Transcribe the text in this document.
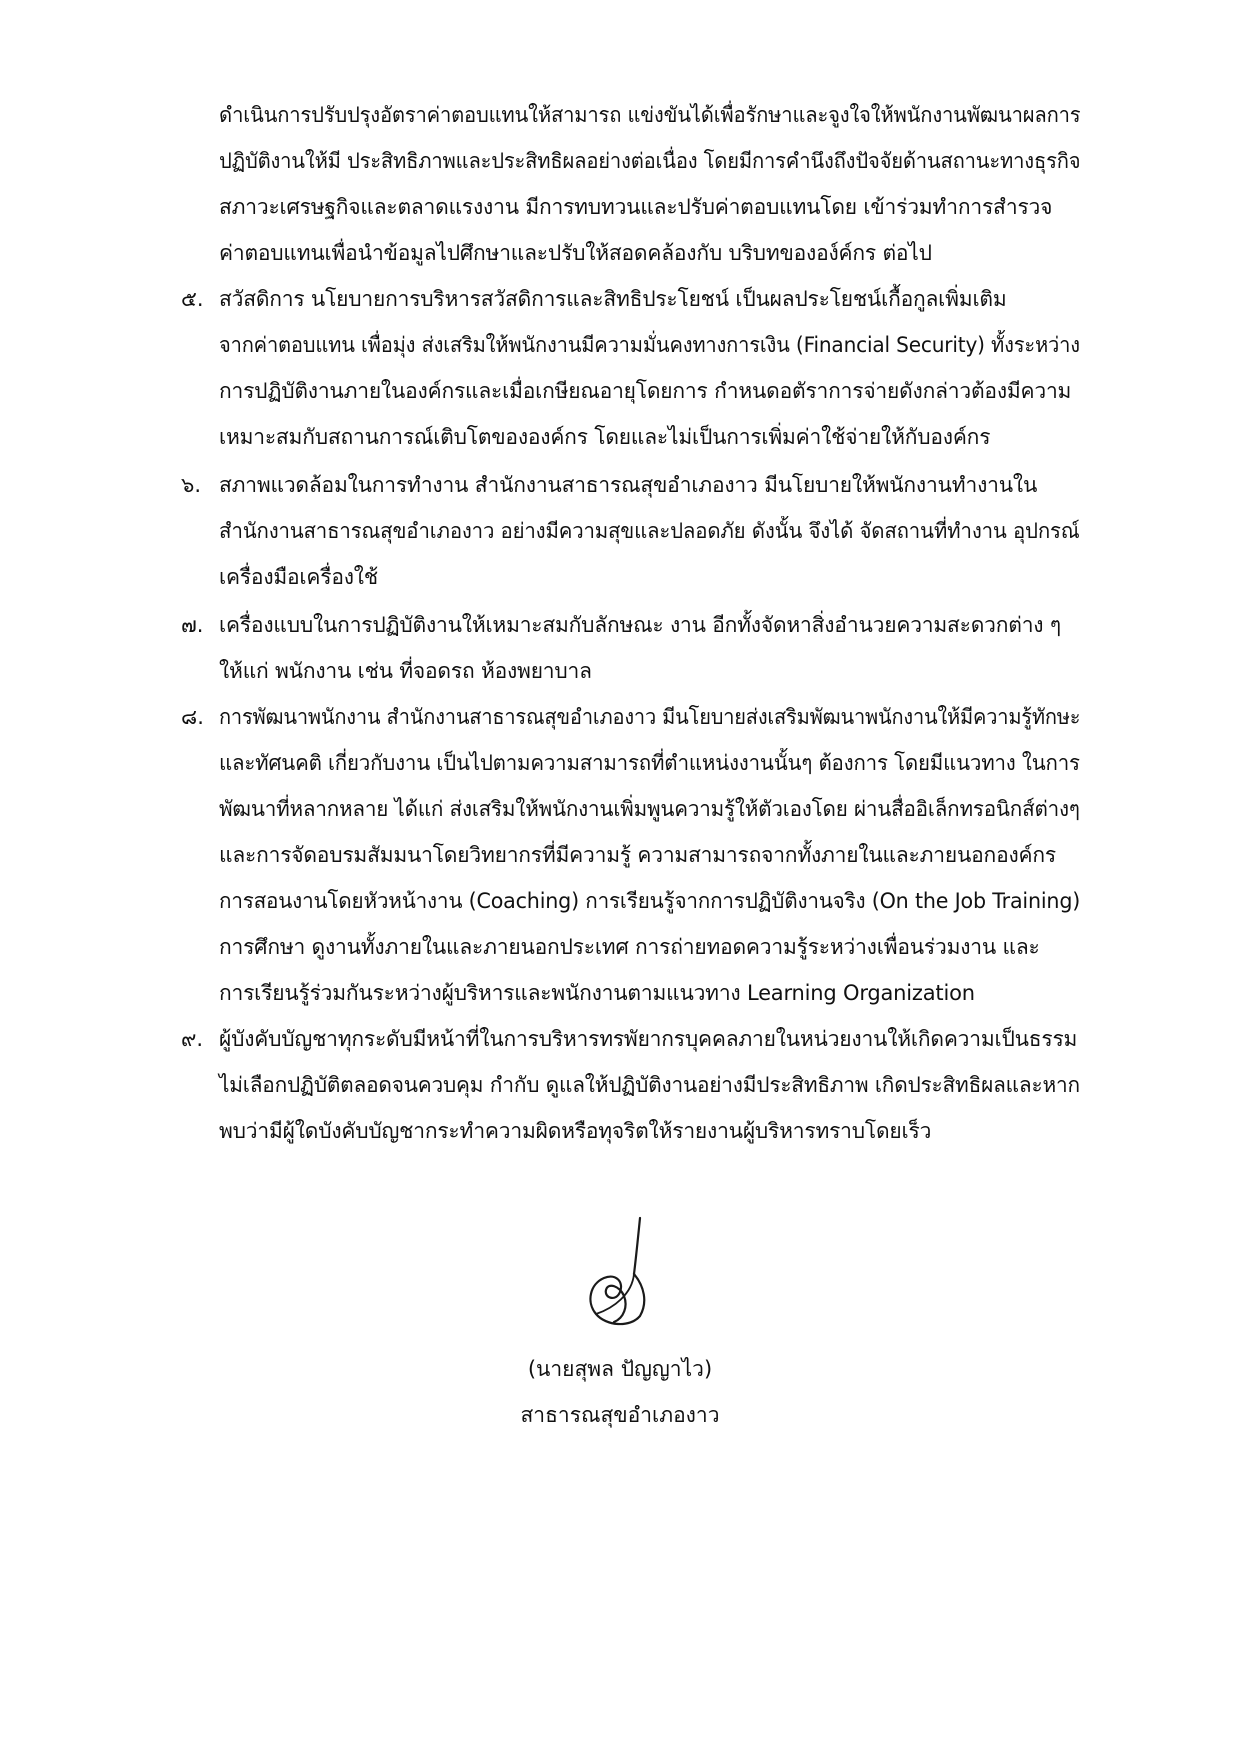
ดำเนินการปรับปรุงอัตราค่าตอบแทนให้สามารถ แข่งขันได้เพื่อรักษาและจูงใจให้พนักงานพัฒนาผลการ
ปฏิบัติงานให้มี ประสิทธิภาพและประสิทธิผลอย่างต่อเนื่อง โดยมีการคำนึงถึงปัจจัยด้านสถานะทางธุรกิจ
สภาวะเศรษฐกิจและตลาดแรงงาน มีการทบทวนและปรับค่าตอบแทนโดย เข้าร่วมทำการสำรวจ
ค่าตอบแทนเพื่อนำข้อมูลไปศึกษาและปรับให้สอดคล้องกับ บริบทขององ์ค์กร ต่อไป
๕. สวัสดิการ นโยบายการบริหารสวัสดิการและสิทธิประโยชน์ เป็นผลประโยชน์เกื้อกูลเพิ่มเติม
จากค่าตอบแทน เพื่อมุ่ง ส่งเสริมให้พนักงานมีความมั่นคงทางการเงิน (Financial Security) ทั้งระหว่าง
การปฏิบัติงานภายในองค์กรและเมื่อเกษียณอายุโดยการ กำหนดอตัราการจ่ายดังกล่าวต้องมีความ
เหมาะสมกับสถานการณ์เติบโตขององค์กร โดยและไม่เป็นการเพิ่มค่าใช้จ่ายให้กับองค์กร
๖. สภาพแวดล้อมในการทำงาน สำนักงานสาธารณสุขอำเภองาว มีนโยบายให้พนักงานทำงานใน
สำนักงานสาธารณสุขอำเภองาว อย่างมีความสุขและปลอดภัย ดังนั้น จึงได้ จัดสถานที่ทำงาน อุปกรณ์
เครื่องมือเครื่องใช้
๗. เครื่องแบบในการปฏิบัติงานให้เหมาะสมกับลักษณะ งาน อีกทั้งจัดหาสิ่งอำนวยความสะดวกต่าง ๆ
ให้แก่ พนักงาน เช่น ที่จอดรถ ห้องพยาบาล
๘. การพัฒนาพนักงาน สำนักงานสาธารณสุขอำเภองาว มีนโยบายส่งเสริมพัฒนาพนักงานให้มีความรู้ทักษะ
และทัศนคติ เกี่ยวกับงาน เป็นไปตามความสามารถที่ตำแหน่งงานนั้นๆ ต้องการ โดยมีแนวทาง ในการ
พัฒนาที่หลากหลาย ได้แก่ ส่งเสริมให้พนักงานเพิ่มพูนความรู้ให้ตัวเองโดย ผ่านสื่ออิเล็กทรอนิกส์ต่างๆ
และการจัดอบรมสัมมนาโดยวิทยากรที่มีความรู้ ความสามารถจากทั้งภายในและภายนอกองค์กร
การสอนงานโดยหัวหน้างาน (Coaching) การเรียนรู้จากการปฏิบัติงานจริง (On the Job Training)
การศึกษา ดูงานทั้งภายในและภายนอกประเทศ การถ่ายทอดความรู้ระหว่างเพื่อนร่วมงาน และ
การเรียนรู้ร่วมกันระหว่างผู้บริหารและพนักงานตามแนวทาง Learning Organization
๙. ผู้บังคับบัญชาทุกระดับมีหน้าที่ในการบริหารทรพัยากรบุคคลภายในหน่วยงานให้เกิดความเป็นธรรม
ไม่เลือกปฏิบัติตลอดจนควบคุม กำกับ ดูแลให้ปฏิบัติงานอย่างมีประสิทธิภาพ เกิดประสิทธิผลและหาก
พบว่ามีผู้ใดบังคับบัญชากระทำความผิดหรือทุจริตให้รายงานผู้บริหารทราบโดยเร็ว
(นายสุพล ปัญญาไว)
สาธารณสุขอำเภองาว
